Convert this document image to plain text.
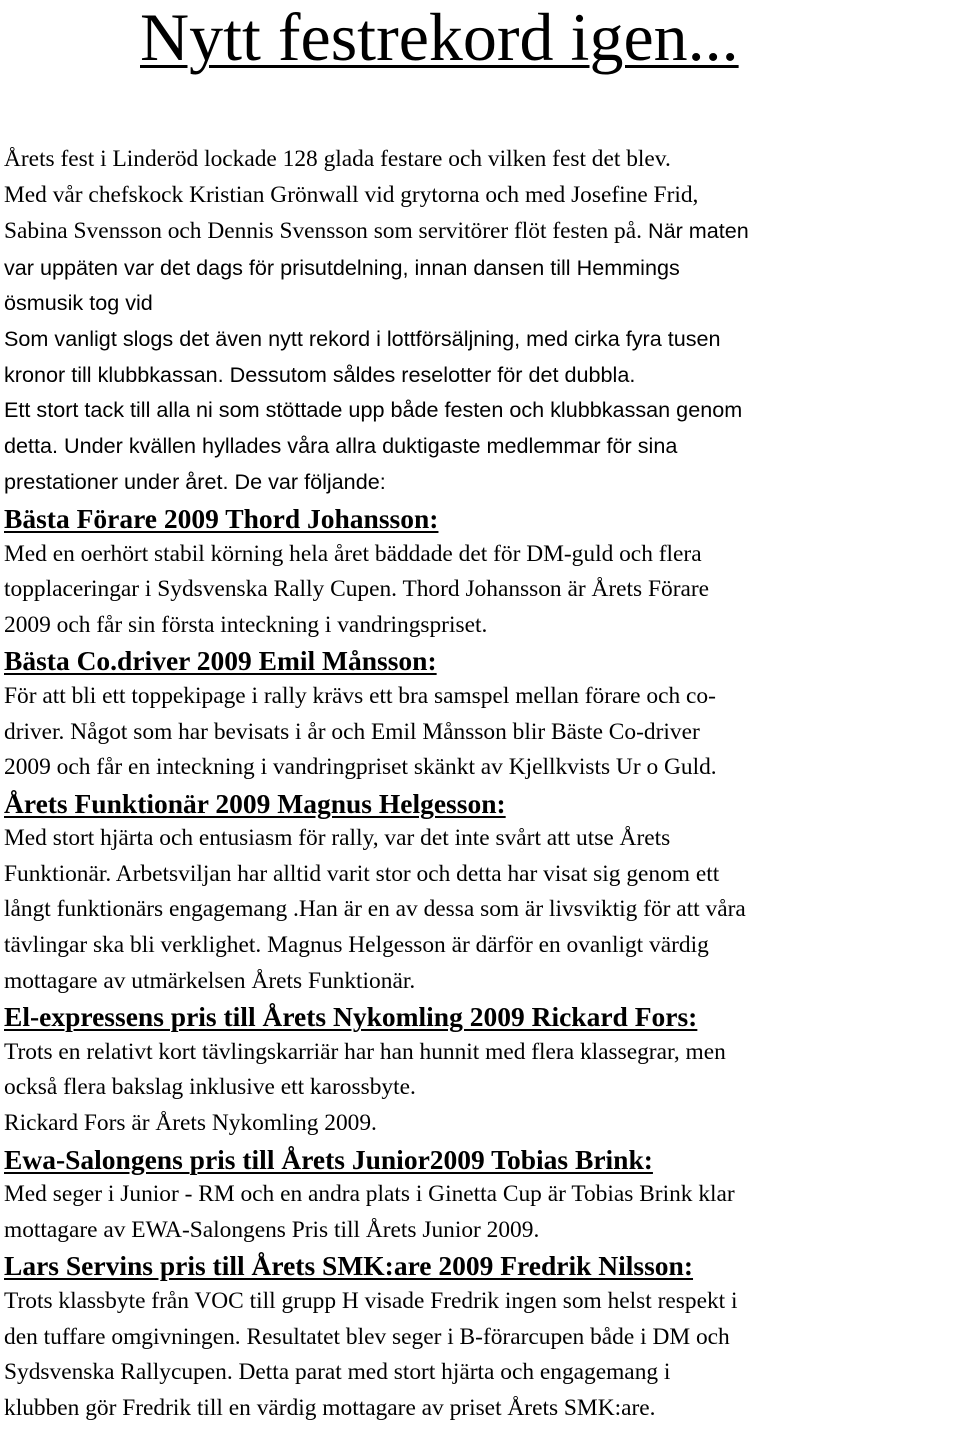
Nytt festrekord igen...
Årets fest i Linderöd lockade 128 glada festare och vilken fest det blev.
Med vår chefskock Kristian Grönwall vid grytorna och med Josefine Frid,
Sabina Svensson och Dennis Svensson som servitörer flöt festen på. När maten
var uppäten var det dags för prisutdelning, innan dansen till Hemmings
ösmusik tog vid
Som vanligt slogs det även nytt rekord i lottförsäljning, med cirka fyra tusen
kronor till klubbkassan. Dessutom såldes reselotter för det dubbla.
Ett stort tack till alla ni som stöttade upp både festen och klubbkassan genom
detta. Under kvällen hyllades våra allra duktigaste medlemmar för sina
prestationer under året. De var följande:
Bästa Förare 2009 Thord Johansson:
Med en oerhört stabil körning hela året bäddade det för DM-guld och flera
topplaceringar i Sydsvenska Rally Cupen. Thord Johansson är Årets Förare
2009 och får sin första inteckning i vandringspriset.
Bästa Co.driver 2009 Emil Månsson:
För att bli ett toppekipage i rally krävs ett bra samspel mellan förare och co-
driver. Något som har bevisats i år och Emil Månsson blir Bäste Co-driver
2009 och får en inteckning i vandringpriset skänkt av Kjellkvists Ur o Guld.
Årets Funktionär 2009 Magnus Helgesson:
Med stort hjärta och entusiasm för rally, var det inte svårt att utse Årets
Funktionär. Arbetsviljan har alltid varit stor och detta har visat sig genom ett
långt funktionärs engagemang .Han är en av dessa som är livsviktig för att våra
tävlingar ska bli verklighet. Magnus Helgesson är därför en ovanligt värdig
mottagare av utmärkelsen Årets Funktionär.
El-expressens pris till Årets Nykomling 2009 Rickard Fors:
Trots en relativt kort tävlingskarriär har han hunnit med flera klassegrar, men
också flera bakslag inklusive ett karossbyte.
Rickard Fors är Årets Nykomling 2009.
Ewa-Salongens pris till Årets Junior2009 Tobias Brink:
Med seger i Junior - RM och en andra plats i Ginetta Cup är Tobias Brink klar
mottagare av EWA-Salongens Pris till Årets Junior 2009.
Lars Servins pris till Årets SMK:are 2009 Fredrik Nilsson:
Trots klassbyte från VOC till grupp H visade Fredrik ingen som helst respekt i
den tuffare omgivningen. Resultatet blev seger i B-förarcupen både i DM och
Sydsvenska Rallycupen. Detta parat med stort hjärta och engagemang i
klubben gör Fredrik till en värdig mottagare av priset Årets SMK:are.
